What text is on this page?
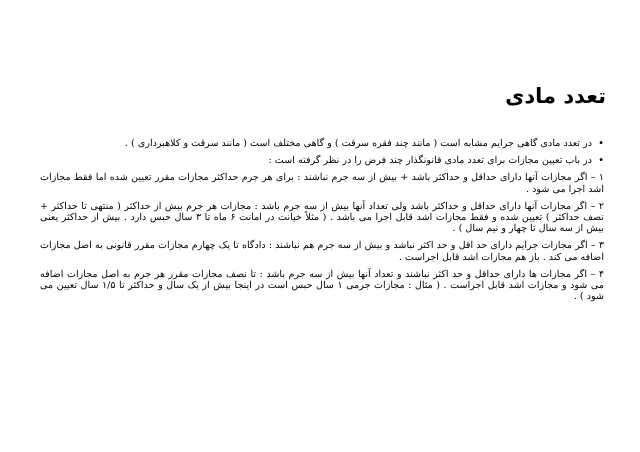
تعدد مادی
•
در تعدد مادی گاهی جرایم مشابه است ( مانند چند فقره سرقت ) و گاهی مختلف است ( مانند سرقت و کلاهبرداری ) .
•
در باب تعیین مجازات برای تعدد مادی قانونگذار چند فرض را در نظر گرفته است :
۱ – اگر مجازات آنها دارای حداقل و حداکثر باشد + بیش از سه جرم نباشند : برای هر جرم حداکثر مجازات مقرر تعیین شده اما فقط مجازات اشد اجرا می شود .
۲ – اگر مجازات آنها دارای حداقل و حداکثر باشد ولی تعداد آنها بیش از سه جرم باشد : مجازات هر جرم بیش از حداکثر ( منتهی تا حداکثر + نصف حداکثر ) تعیین شده و فقط مجازات اشد قابل اجرا می باشد . ( مثلاً خیانت در امانت ۶ ماه تا ۳ سال حبس دارد . بیش از حداکثر یعنی بیش از سه سال تا چهار و نیم سال ) .
۳ – اگر مجازات جرایم دارای حد اقل و حد اکثر نباشد و بیش از سه جرم هم نباشند : دادگاه تا یک چهارم مجازات مقرر قانونی به اصل مجازات اضافه می کند . باز هم مجازات اشد قابل اجراست .
۴ – اگر مجازات ها دارای حداقل و حد اکثر نباشند و تعداد آنها بیش از سه جرم باشد : تا نصف مجازات مقرر هر جرم به اصل مجازات اضافه می شود و مجازات اشد قابل اجراست . ( مثال : مجازات جرمی ۱ سال حبس است در اینجا بیش از یک سال و حداکثر تا ۱/۵ سال تعیین می شود ) .
